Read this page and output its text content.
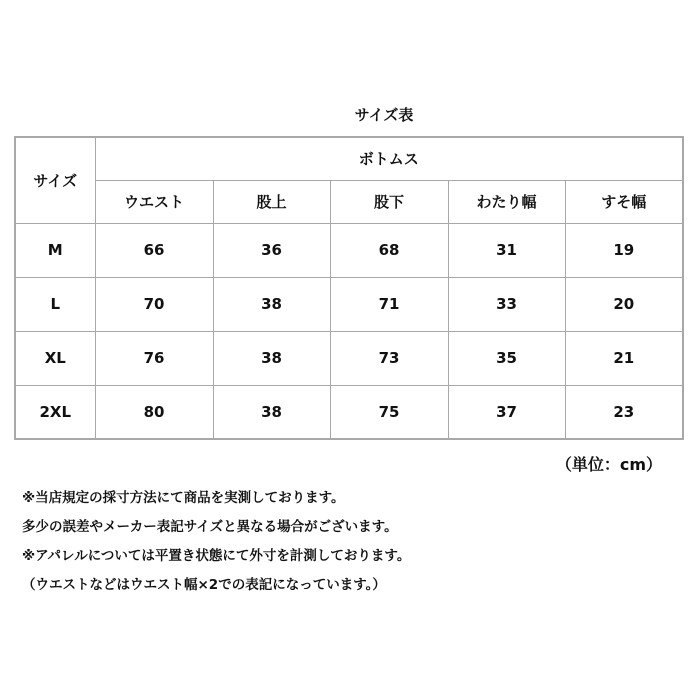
サイズ表
サイズ	ボトムス				
	ウエスト	股上	股下	わたり幅	すそ幅
M	66	36	68	31	19
L	70	38	71	33	20
XL	76	38	73	35	21
2XL	80	38	75	37	23
（単位：cm）
※当店規定の採寸方法にて商品を実測しております。
多少の誤差やメーカー表記サイズと異なる場合がございます。
※アパレルについては平置き状態にて外寸を計測しております。
（ウエストなどはウエスト幅×2での表記になっています。）
